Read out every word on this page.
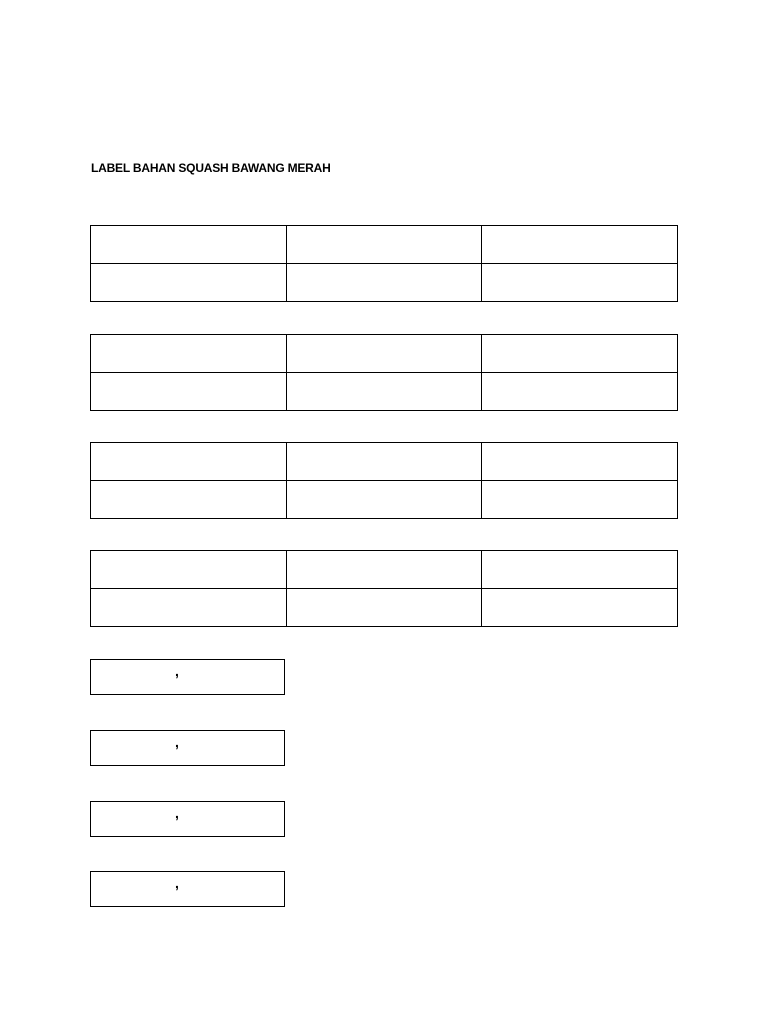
LABEL BAHAN SQUASH BAWANG MERAH

,
,
,
,
